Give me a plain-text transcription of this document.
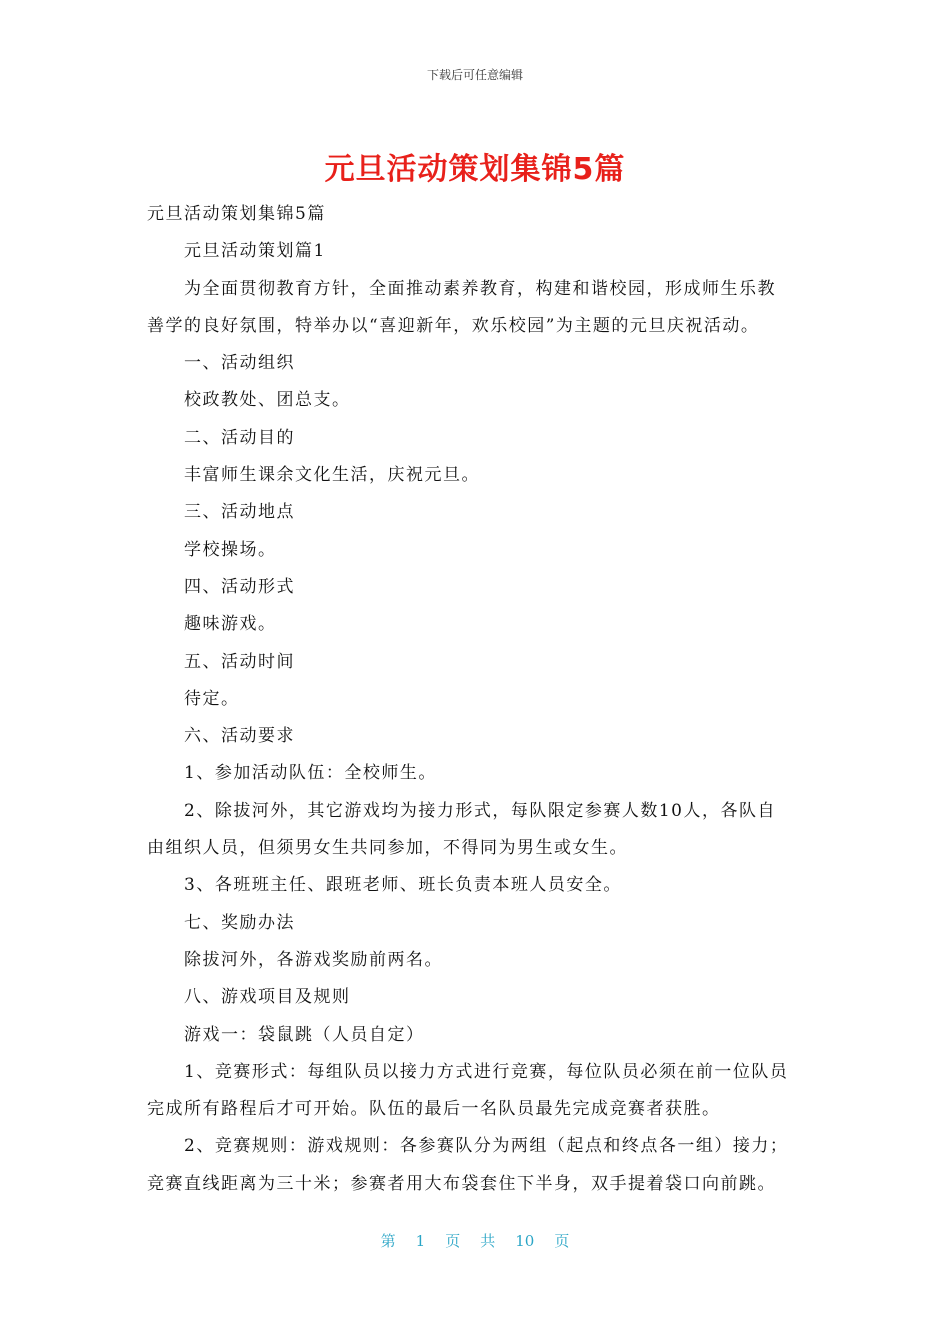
下载后可任意编辑
元旦活动策划集锦5篇
元旦活动策划集锦5篇
元旦活动策划篇1
为全面贯彻教育方针，全面推动素养教育，构建和谐校园，形成师生乐教
善学的良好氛围，特举办以“喜迎新年，欢乐校园”为主题的元旦庆祝活动。
一、活动组织
校政教处、团总支。
二、活动目的
丰富师生课余文化生活，庆祝元旦。
三、活动地点
学校操场。
四、活动形式
趣味游戏。
五、活动时间
待定。
六、活动要求
1、参加活动队伍：全校师生。
2、除拔河外，其它游戏均为接力形式，每队限定参赛人数10人，各队自
由组织人员，但须男女生共同参加，不得同为男生或女生。
3、各班班主任、跟班老师、班长负责本班人员安全。
七、奖励办法
除拔河外，各游戏奖励前两名。
八、游戏项目及规则
游戏一：袋鼠跳（人员自定）
1、竞赛形式：每组队员以接力方式进行竞赛，每位队员必须在前一位队员
完成所有路程后才可开始。队伍的最后一名队员最先完成竞赛者获胜。
2、竞赛规则：游戏规则：各参赛队分为两组（起点和终点各一组）接力；
竞赛直线距离为三十米；参赛者用大布袋套住下半身，双手提着袋口向前跳。
第 1 页 共 10 页
